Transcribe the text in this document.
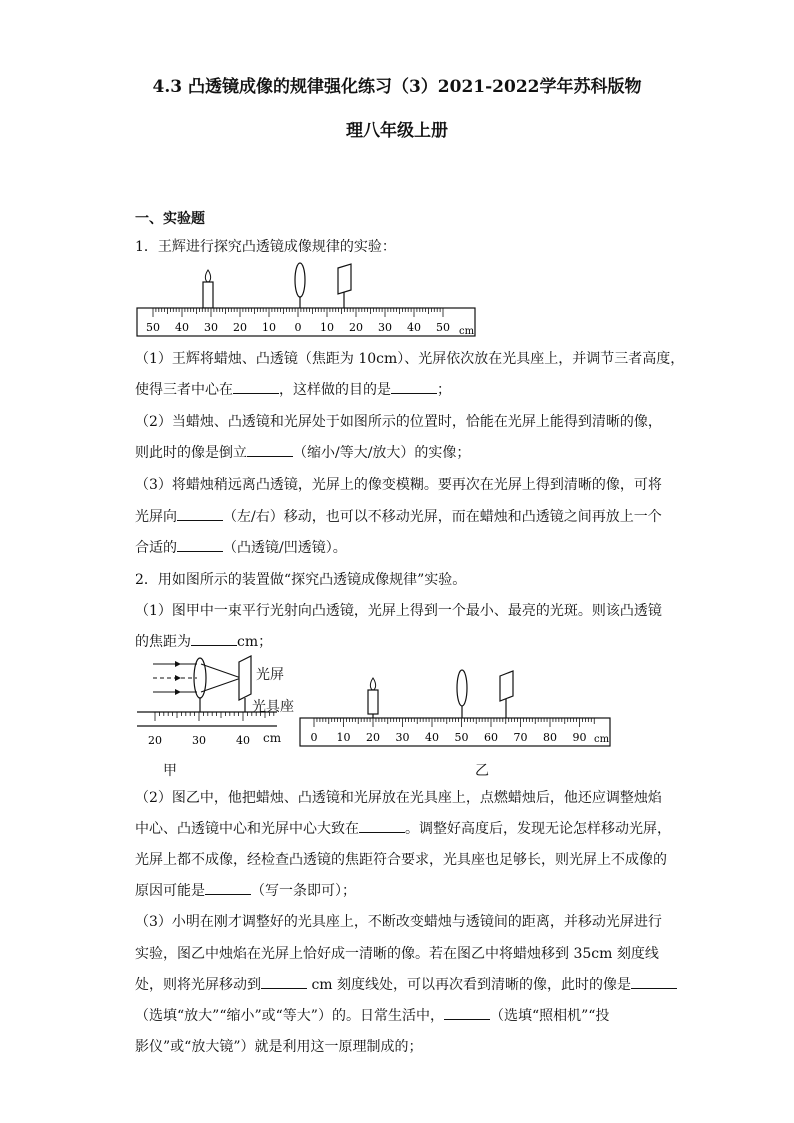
4.3 凸透镜成像的规律强化练习（3）2021-2022学年苏科版物
理八年级上册
一、实验题
1．王辉进行探究凸透镜成像规律的实验：
50 40 30 20 10 0 10 20 30 40 50 cm
（1）王辉将蜡烛、凸透镜（焦距为 10cm）、光屏依次放在光具座上，并调节三者高度，
使得三者中心在	，这样做的目的是	；
（2）当蜡烛、凸透镜和光屏处于如图所示的位置时，恰能在光屏上能得到清晰的像，
则此时的像是倒立	（缩小/等大/放大）的实像；
（3）将蜡烛稍远离凸透镜，光屏上的像变模糊。要再次在光屏上得到清晰的像，可将
光屏向	（左/右）移动，也可以不移动光屏，而在蜡烛和凸透镜之间再放上一个
合适的	（凸透镜/凹透镜）。
2．用如图所示的装置做“探究凸透镜成像规律”实验。
（1）图甲中一束平行光射向凸透镜，光屏上得到一个最小、最亮的光斑。则该凸透镜
的焦距为	cm；
20	30	40
光屏
光具座
cm
甲
0 10 20 30 40 50 60 70 80 90 cm
乙
（2）图乙中，他把蜡烛、凸透镜和光屏放在光具座上，点燃蜡烛后，他还应调整烛焰
中心、凸透镜中心和光屏中心大致在	。调整好高度后，发现无论怎样移动光屏，
光屏上都不成像，经检查凸透镜的焦距符合要求，光具座也足够长，则光屏上不成像的
原因可能是	（写一条即可）；
（3）小明在刚才调整好的光具座上，不断改变蜡烛与透镜间的距离，并移动光屏进行
实验，图乙中烛焰在光屏上恰好成一清晰的像。若在图乙中将蜡烛移到 35cm 刻度线
处，则将光屏移动到	cm 刻度线处，可以再次看到清晰的像，此时的像是
（选填“放大”“缩小”或“等大”）的。日常生活中，	（选填“照相机”“投
影仪”或“放大镜”）就是利用这一原理制成的；
